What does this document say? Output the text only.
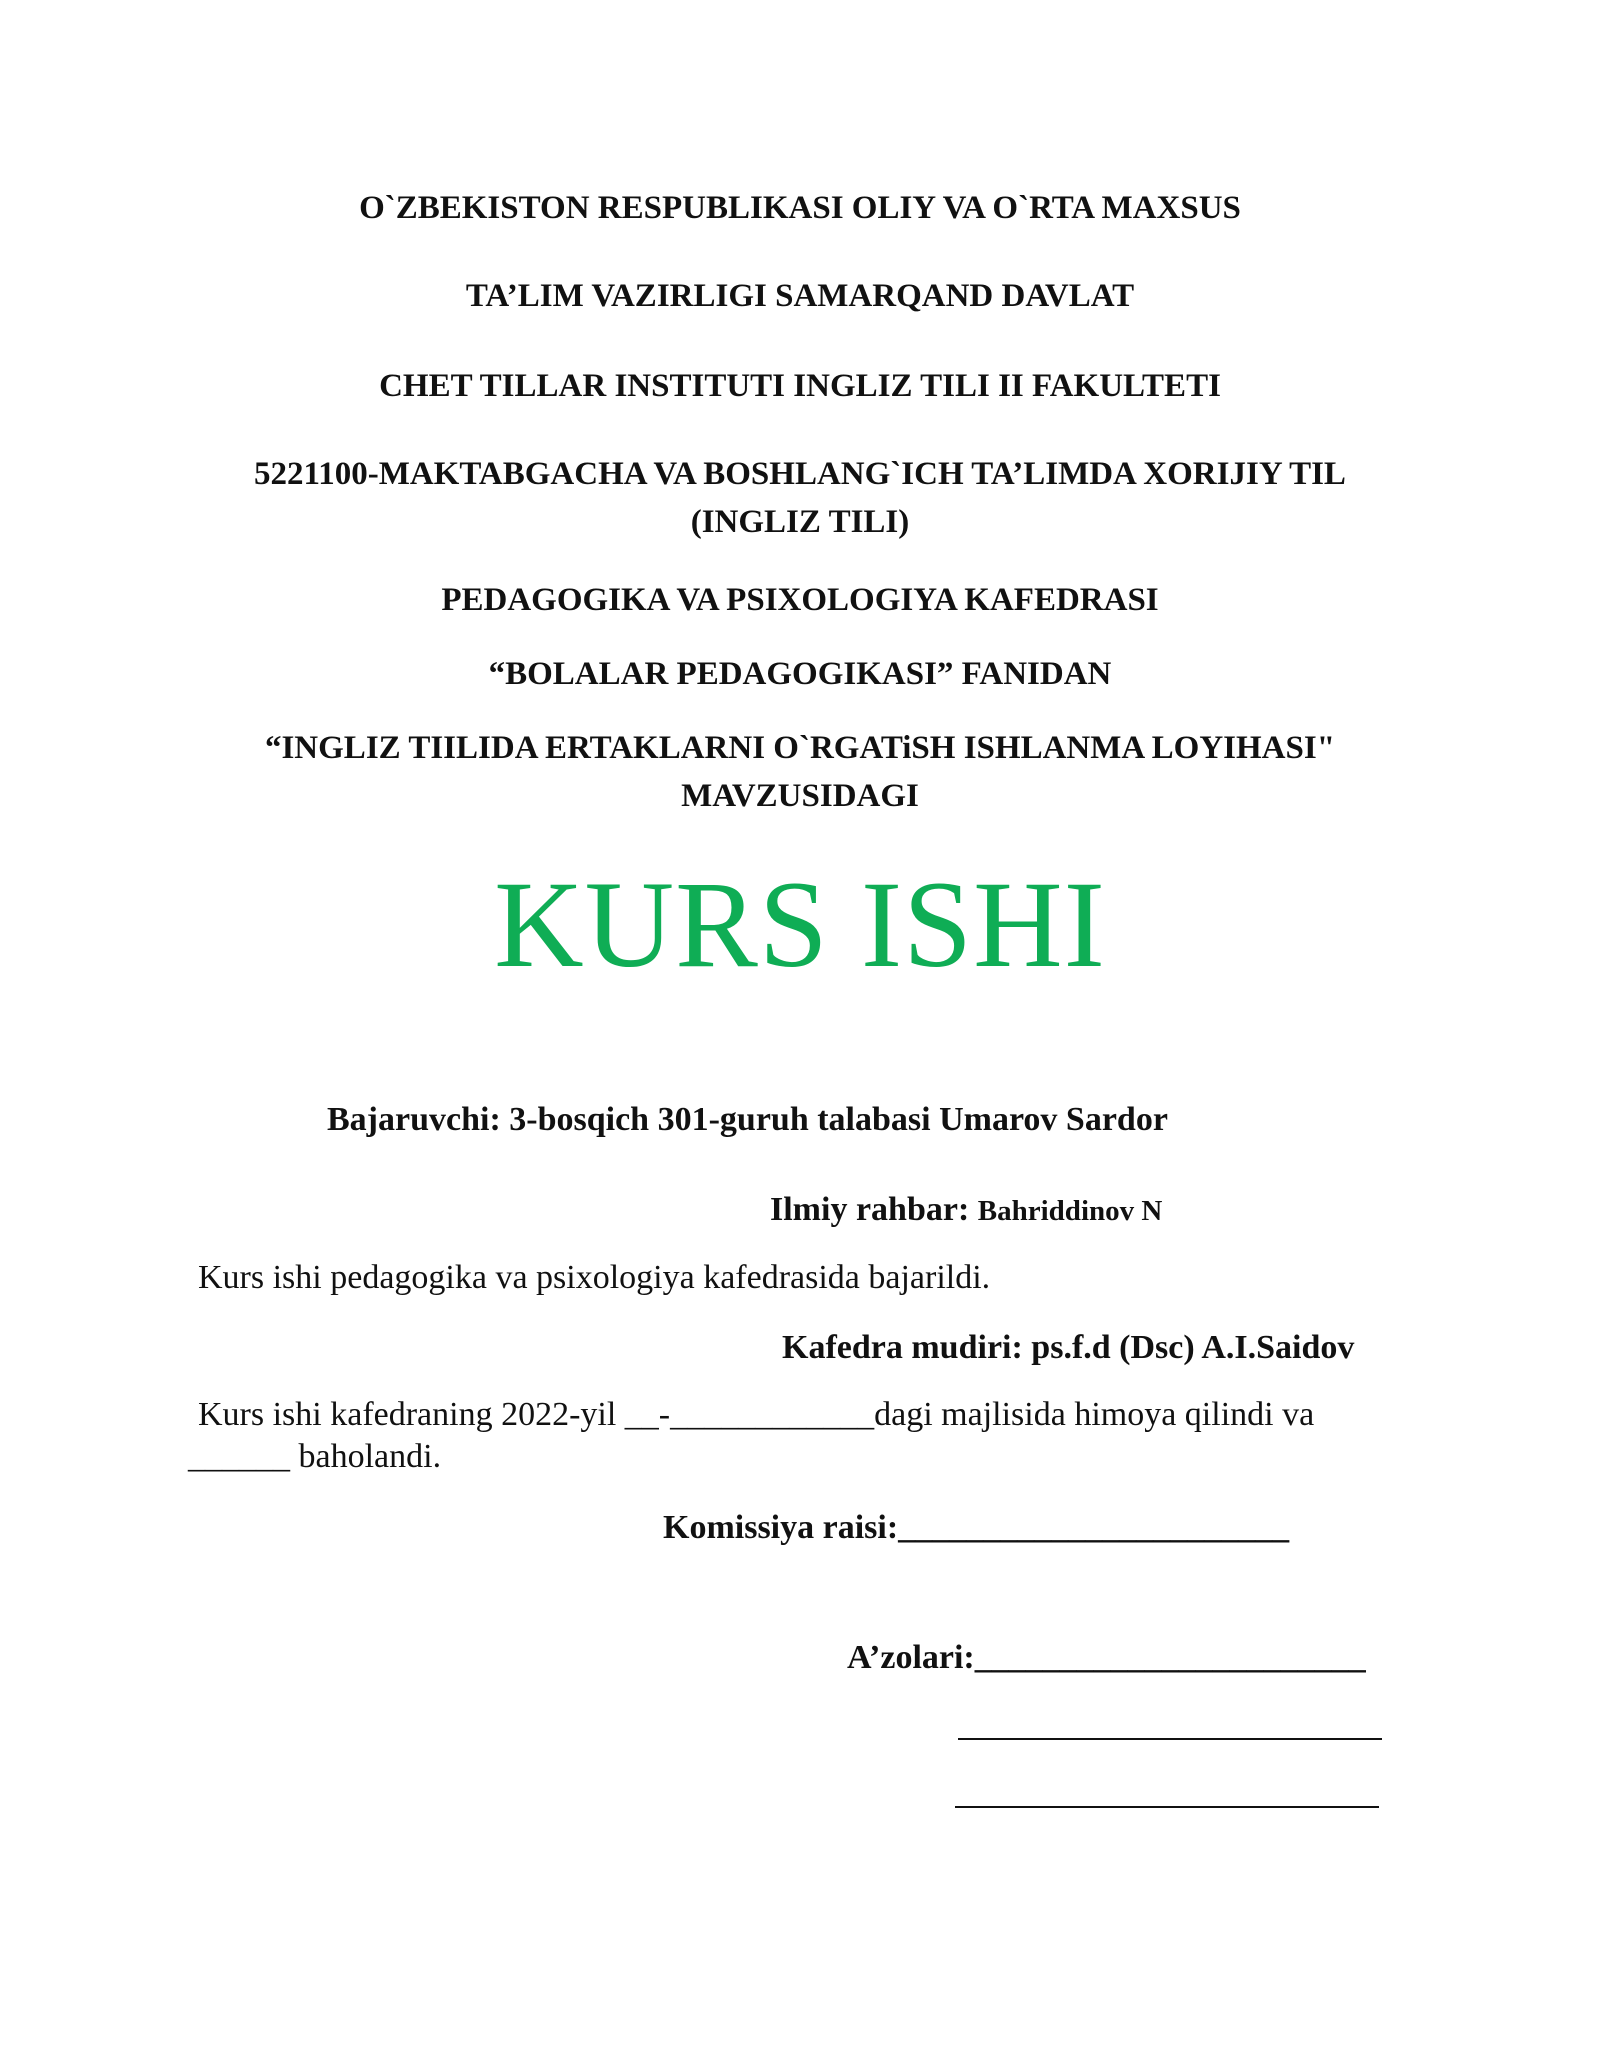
O`ZBEKISTON RESPUBLIKASI OLIY VA O`RTA MAXSUS
TA’LIM VAZIRLIGI SAMARQAND DAVLAT
CHET TILLAR INSTITUTI INGLIZ TILI II FAKULTETI
5221100-MAKTABGACHA VA BOSHLANG`ICH TA’LIMDA XORIJIY TIL (INGLIZ TILI)
PEDAGOGIKA VA PSIXOLOGIYA KAFEDRASI
“BOLALAR PEDAGOGIKASI” FANIDAN
“INGLIZ TIILIDA ERTAKLARNI O`RGATiSH ISHLANMA LOYIHASI" MAVZUSIDAGI
KURS ISHI
Bajaruvchi: 3-bosqich 301-guruh talabasi Umarov Sardor
Ilmiy rahbar: Bahriddinov N
Kurs ishi pedagogika va psixologiya kafedrasida bajarildi.
Kafedra mudiri: ps.f.d (Dsc) A.I.Saidov
Kurs ishi kafedraning 2022-yil __-____________dagi majlisida himoya qilindi va ______ baholandi.
Komissiya raisi:_______________________
A’zolari:_______________________
